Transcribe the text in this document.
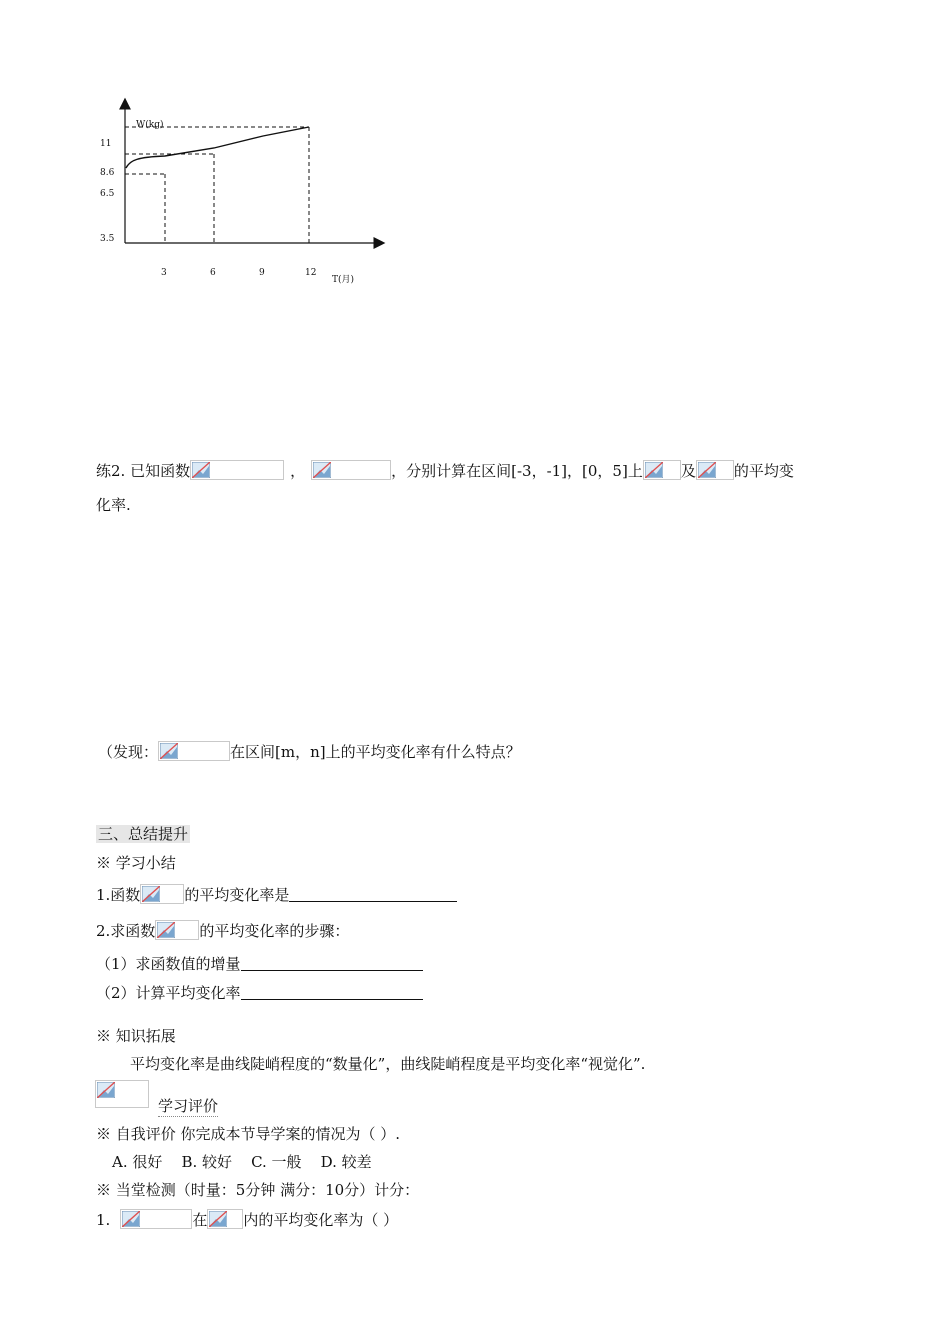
W(kg)
11
8.6
6.5
3.5
3	6	9	12
T(月)
练2. 已知函数	，	，分别计算在区间[-3，-1]，[0，5]上	及	的平均变
化率.
（发现：	在区间[m，n]上的平均变化率有什么特点？
三、总结提升
※ 学习小结
1.函数	的平均变化率是
2.求函数	的平均变化率的步骤：
（1）求函数值的增量
（2）计算平均变化率
※ 知识拓展
平均变化率是曲线陡峭程度的“数量化”，曲线陡峭程度是平均变化率“视觉化”.
学习评价
※ 自我评价 你完成本节导学案的情况为（ ）.
A. 很好    B. 较好    C. 一般    D. 较差
※ 当堂检测（时量：5分钟 满分：10分）计分：
1.	在 内的平均变化率为（ ）
